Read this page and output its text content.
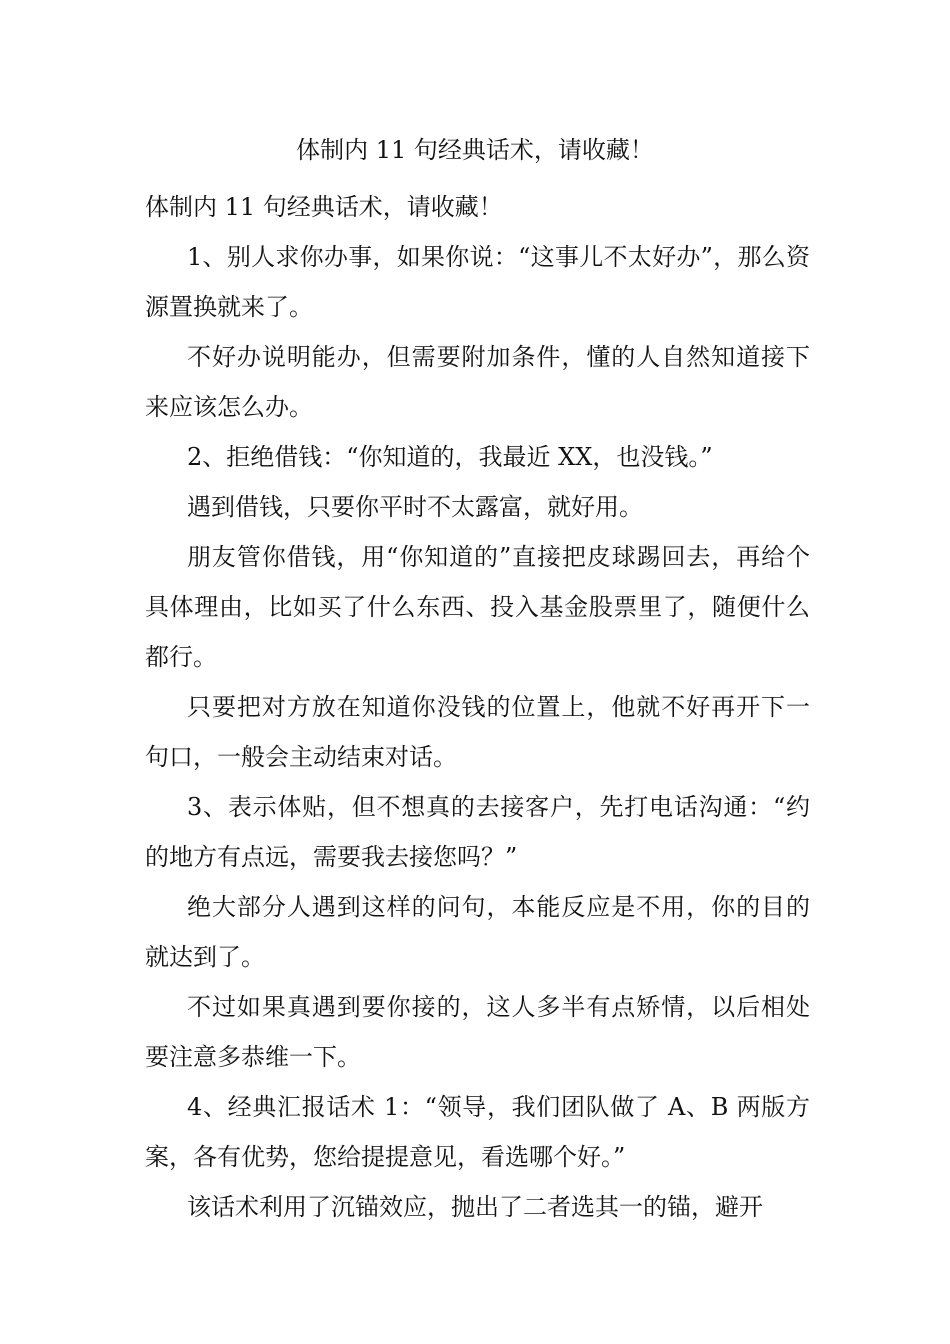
体制内 11 句经典话术，请收藏！

体制内 11 句经典话术，请收藏！

1、别人求你办事，如果你说：“这事儿不太好办”，那么资源置换就来了。

不好办说明能办，但需要附加条件，懂的人自然知道接下来应该怎么办。

2、拒绝借钱：“你知道的，我最近 XX，也没钱。”

遇到借钱，只要你平时不太露富，就好用。

朋友管你借钱，用“你知道的”直接把皮球踢回去，再给个具体理由，比如买了什么东西、投入基金股票里了，随便什么都行。

只要把对方放在知道你没钱的位置上，他就不好再开下一句口，一般会主动结束对话。

3、表示体贴，但不想真的去接客户，先打电话沟通：“约的地方有点远，需要我去接您吗？”

绝大部分人遇到这样的问句，本能反应是不用，你的目的就达到了。

不过如果真遇到要你接的，这人多半有点矫情，以后相处要注意多恭维一下。

4、经典汇报话术 1：“领导，我们团队做了 A、B 两版方案，各有优势，您给提提意见，看选哪个好。”

该话术利用了沉锚效应，抛出了二者选其一的锚，避开
